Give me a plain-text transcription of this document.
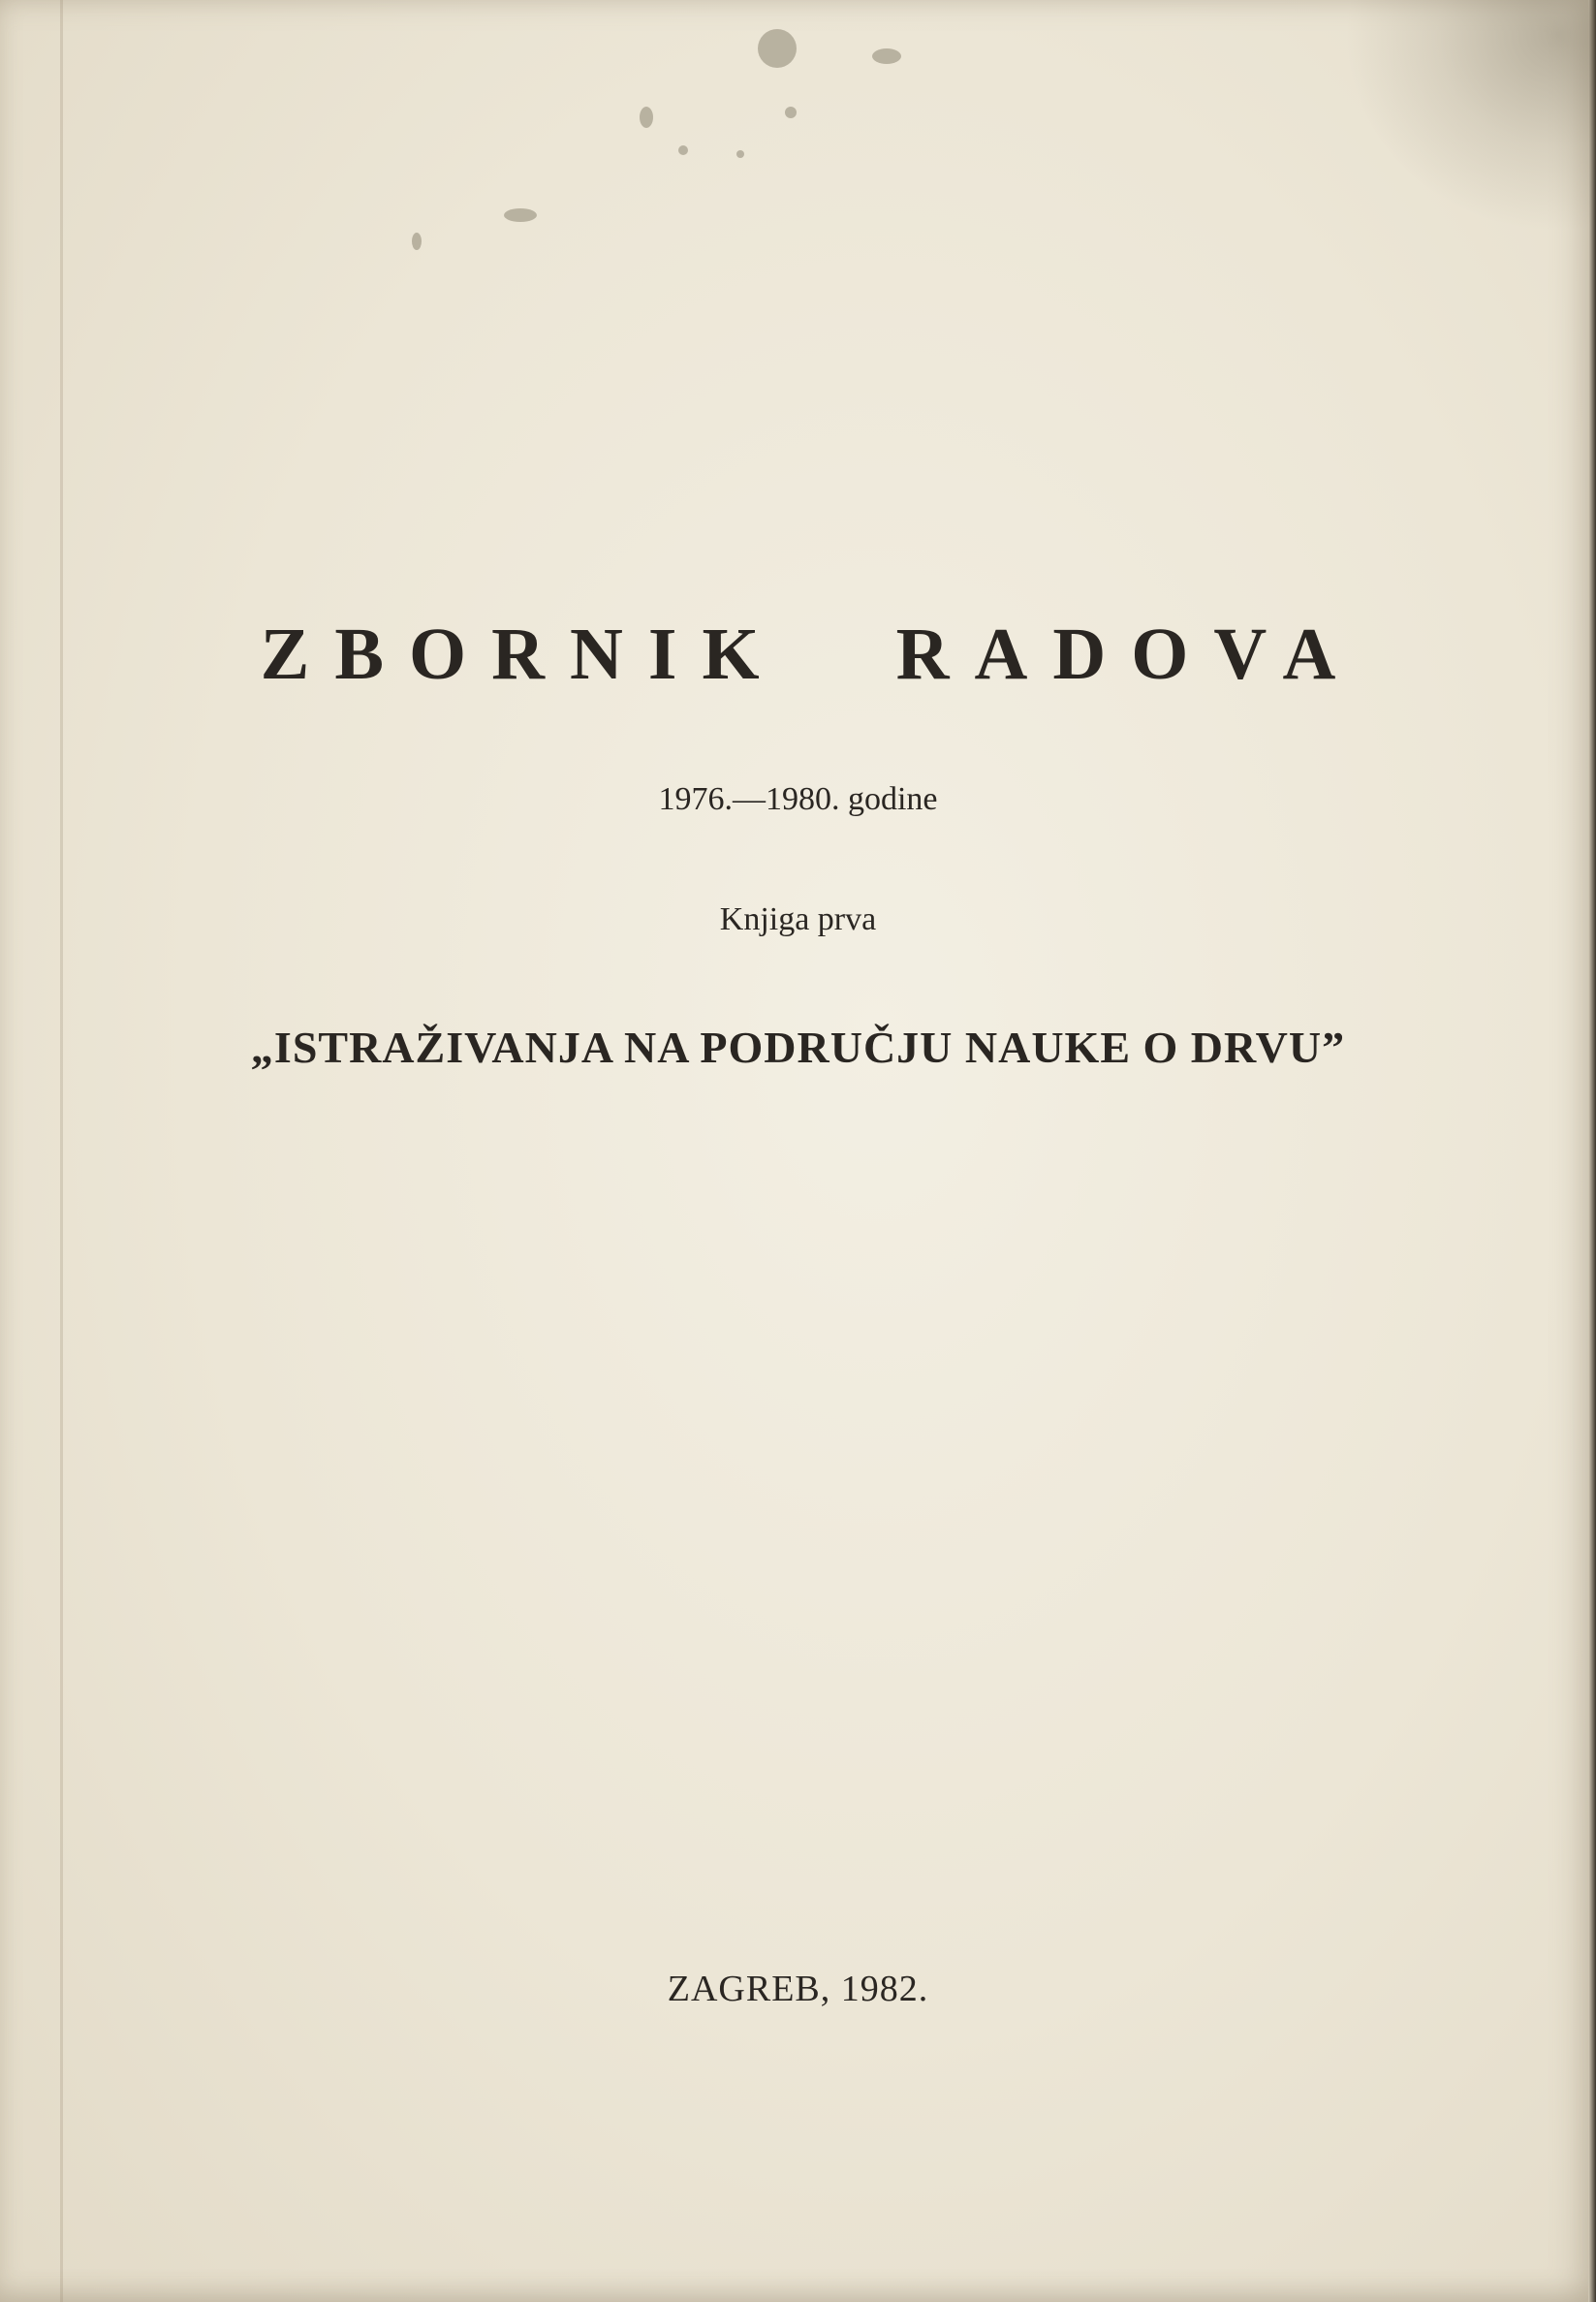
ZBORNIK RADOVA
1976.—1980. godine
Knjiga prva
„ISTRAŽIVANJA NA PODRUČJU NAUKE O DRVU”
ZAGREB, 1982.
